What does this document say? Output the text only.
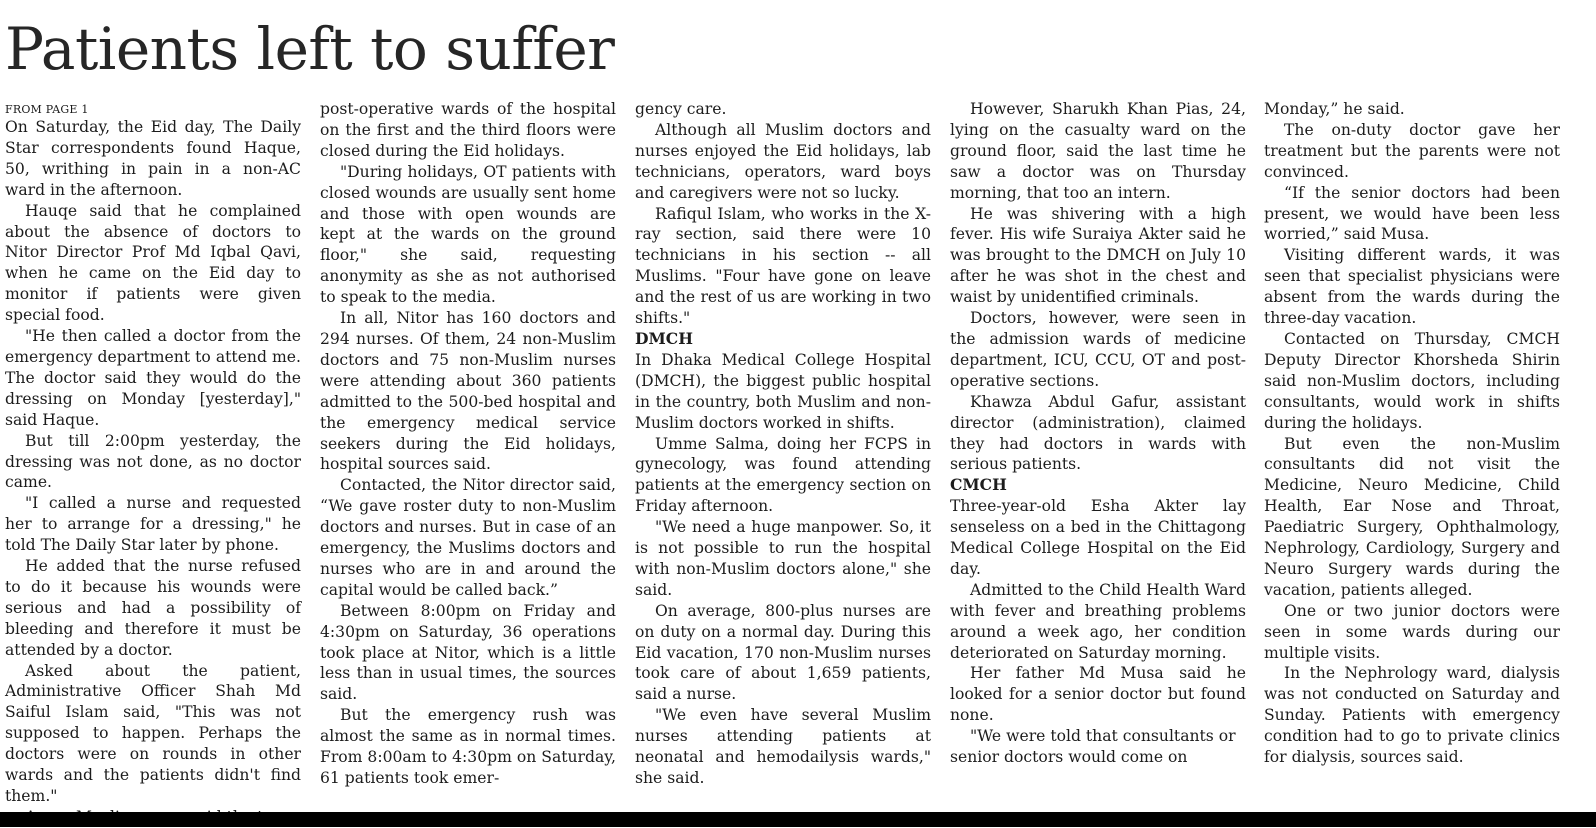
Patients left to suffer
FROM PAGE 1

On Saturday, the Eid day, The Daily Star correspondents found Haque, 50, writhing in pain in a non-AC ward in the afternoon.

Hauqe said that he complained about the absence of doctors to Nitor Director Prof Md Iqbal Qavi, when he came on the Eid day to monitor if patients were given special food.

"He then called a doctor from the emergency department to attend me. The doctor said they would do the dressing on Monday [yesterday]," said Haque.

But till 2:00pm yesterday, the dressing was not done, as no doctor came.

"I called a nurse and requested her to arrange for a dressing," he told The Daily Star later by phone.

He added that the nurse refused to do it because his wounds were serious and had a possibility of bleeding and therefore it must be attended by a doctor.

Asked about the patient, Administrative Officer Shah Md Saiful Islam said, "This was not supposed to happen. Perhaps the doctors were on rounds in other wards and the patients didn't find them."

post-operative wards of the hospital on the first and the third floors were closed during the Eid holidays.

"During holidays, OT patients with closed wounds are usually sent home and those with open wounds are kept at the wards on the ground floor," she said, requesting anonymity as she as not authorised to speak to the media.

In all, Nitor has 160 doctors and 294 nurses. Of them, 24 non-Muslim doctors and 75 non-Muslim nurses were attending about 360 patients admitted to the 500-bed hospital and the emergency medical service seekers during the Eid holidays, hospital sources said.

Contacted, the Nitor director said, “We gave roster duty to non-Muslim doctors and nurses. But in case of an emergency, the Muslims doctors and nurses who are in and around the capital would be called back.”

Between 8:00pm on Friday and 4:30pm on Saturday, 36 operations took place at Nitor, which is a little less than in usual times, the sources said.

But the emergency rush was almost the same as in normal times. From 8:00am to 4:30pm on Saturday, 61 patients took emer-

gency care.

Although all Muslim doctors and nurses enjoyed the Eid holidays, lab technicians, operators, ward boys and caregivers were not so lucky.

Rafiqul Islam, who works in the X-ray section, said there were 10 technicians in his section -- all Muslims. "Four have gone on leave and the rest of us are working in two shifts."

DMCH

In Dhaka Medical College Hospital (DMCH), the biggest public hospital in the country, both Muslim and non-Muslim doctors worked in shifts.

Umme Salma, doing her FCPS in gynecology, was found attending patients at the emergency section on Friday afternoon.

"We need a huge manpower. So, it is not possible to run the hospital with non-Muslim doctors alone," she said.

On average, 800-plus nurses are on duty on a normal day. During this Eid vacation, 170 non-Muslim nurses took care of about 1,659 patients, said a nurse.

"We even have several Muslim nurses attending patients at neonatal and hemodailysis wards," she said.

However, Sharukh Khan Pias, 24, lying on the casualty ward on the ground floor, said the last time he saw a doctor was on Thursday morning, that too an intern.

He was shivering with a high fever. His wife Suraiya Akter said he was brought to the DMCH on July 10 after he was shot in the chest and waist by unidentified criminals.

Doctors, however, were seen in the admission wards of medicine department, ICU, CCU, OT and post-operative sections.

Khawza Abdul Gafur, assistant director (administration), claimed they had doctors in wards with serious patients.

CMCH

Three-year-old Esha Akter lay senseless on a bed in the Chittagong Medical College Hospital on the Eid day.

Admitted to the Child Health Ward with fever and breathing problems around a week ago, her condition deteriorated on Saturday morning.

Her father Md Musa said he looked for a senior doctor but found none.

"We were told that consultants or senior doctors would come on

Monday,” he said.

The on-duty doctor gave her treatment but the parents were not convinced.

“If the senior doctors had been present, we would have been less worried,” said Musa.

Visiting different wards, it was seen that specialist physicians were absent from the wards during the three-day vacation.

Contacted on Thursday, CMCH Deputy Director Khorsheda Shirin said non-Muslim doctors, including consultants, would work in shifts during the holidays.

But even the non-Muslim consultants did not visit the Medicine, Neuro Medicine, Child Health, Ear Nose and Throat, Paediatric Surgery, Ophthalmology, Nephrology, Cardiology, Surgery and Neuro Surgery wards during the vacation, patients alleged.

One or two junior doctors were seen in some wards during our multiple visits.

In the Nephrology ward, dialysis was not conducted on Saturday and Sunday. Patients with emergency condition had to go to private clinics for dialysis, sources said.
